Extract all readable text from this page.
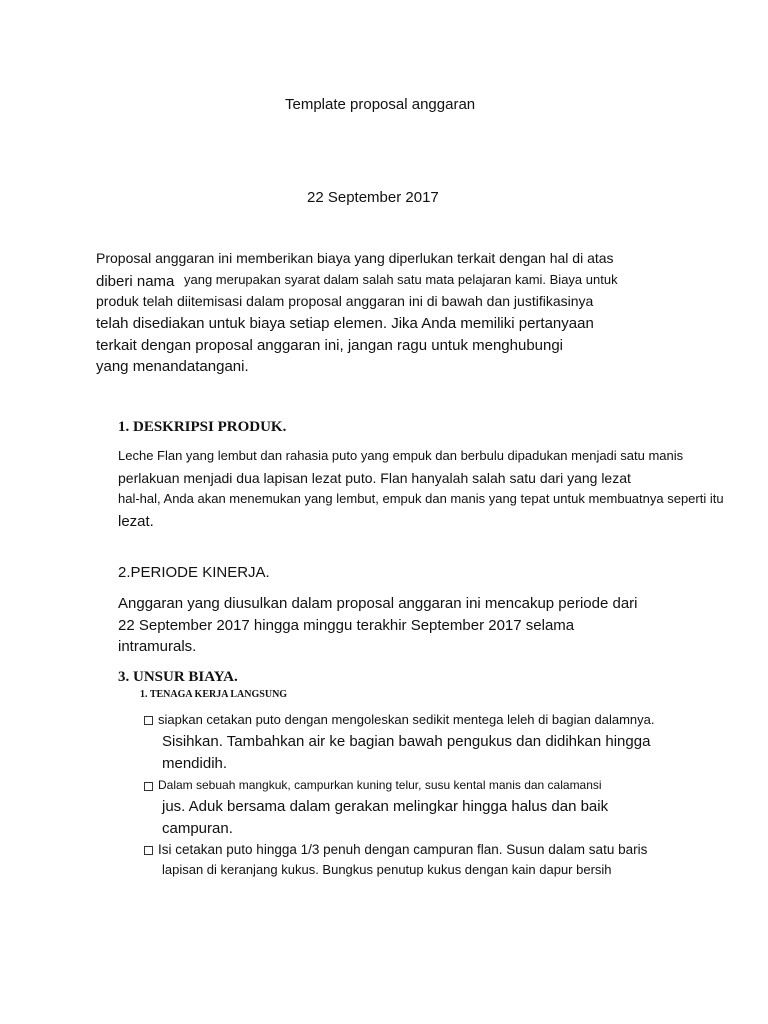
Template proposal anggaran
22 September 2017
Proposal anggaran ini memberikan biaya yang diperlukan terkait dengan hal di atas
diberi nama yang merupakan syarat dalam salah satu mata pelajaran kami. Biaya untuk
produk telah diitemisasi dalam proposal anggaran ini di bawah dan justifikasinya
telah disediakan untuk biaya setiap elemen. Jika Anda memiliki pertanyaan
terkait dengan proposal anggaran ini, jangan ragu untuk menghubungi
yang menandatangani.
1. DESKRIPSI PRODUK.
Leche Flan yang lembut dan rahasia puto yang empuk dan berbulu dipadukan menjadi satu manis
perlakuan menjadi dua lapisan lezat puto. Flan hanyalah salah satu dari yang lezat
hal-hal, Anda akan menemukan yang lembut, empuk dan manis yang tepat untuk membuatnya seperti itu
lezat.
2.PERIODE KINERJA.
Anggaran yang diusulkan dalam proposal anggaran ini mencakup periode dari
22 September 2017 hingga minggu terakhir September 2017 selama
intramurals.
3. UNSUR BIAYA.
1. TENAGA KERJA LANGSUNG
siapkan cetakan puto dengan mengoleskan sedikit mentega leleh di bagian dalamnya.
Sisihkan. Tambahkan air ke bagian bawah pengukus dan didihkan hingga
mendidih.
Dalam sebuah mangkuk, campurkan kuning telur, susu kental manis dan calamansi
jus. Aduk bersama dalam gerakan melingkar hingga halus dan baik
campuran.
Isi cetakan puto hingga 1/3 penuh dengan campuran flan. Susun dalam satu baris
lapisan di keranjang kukus. Bungkus penutup kukus dengan kain dapur bersih
